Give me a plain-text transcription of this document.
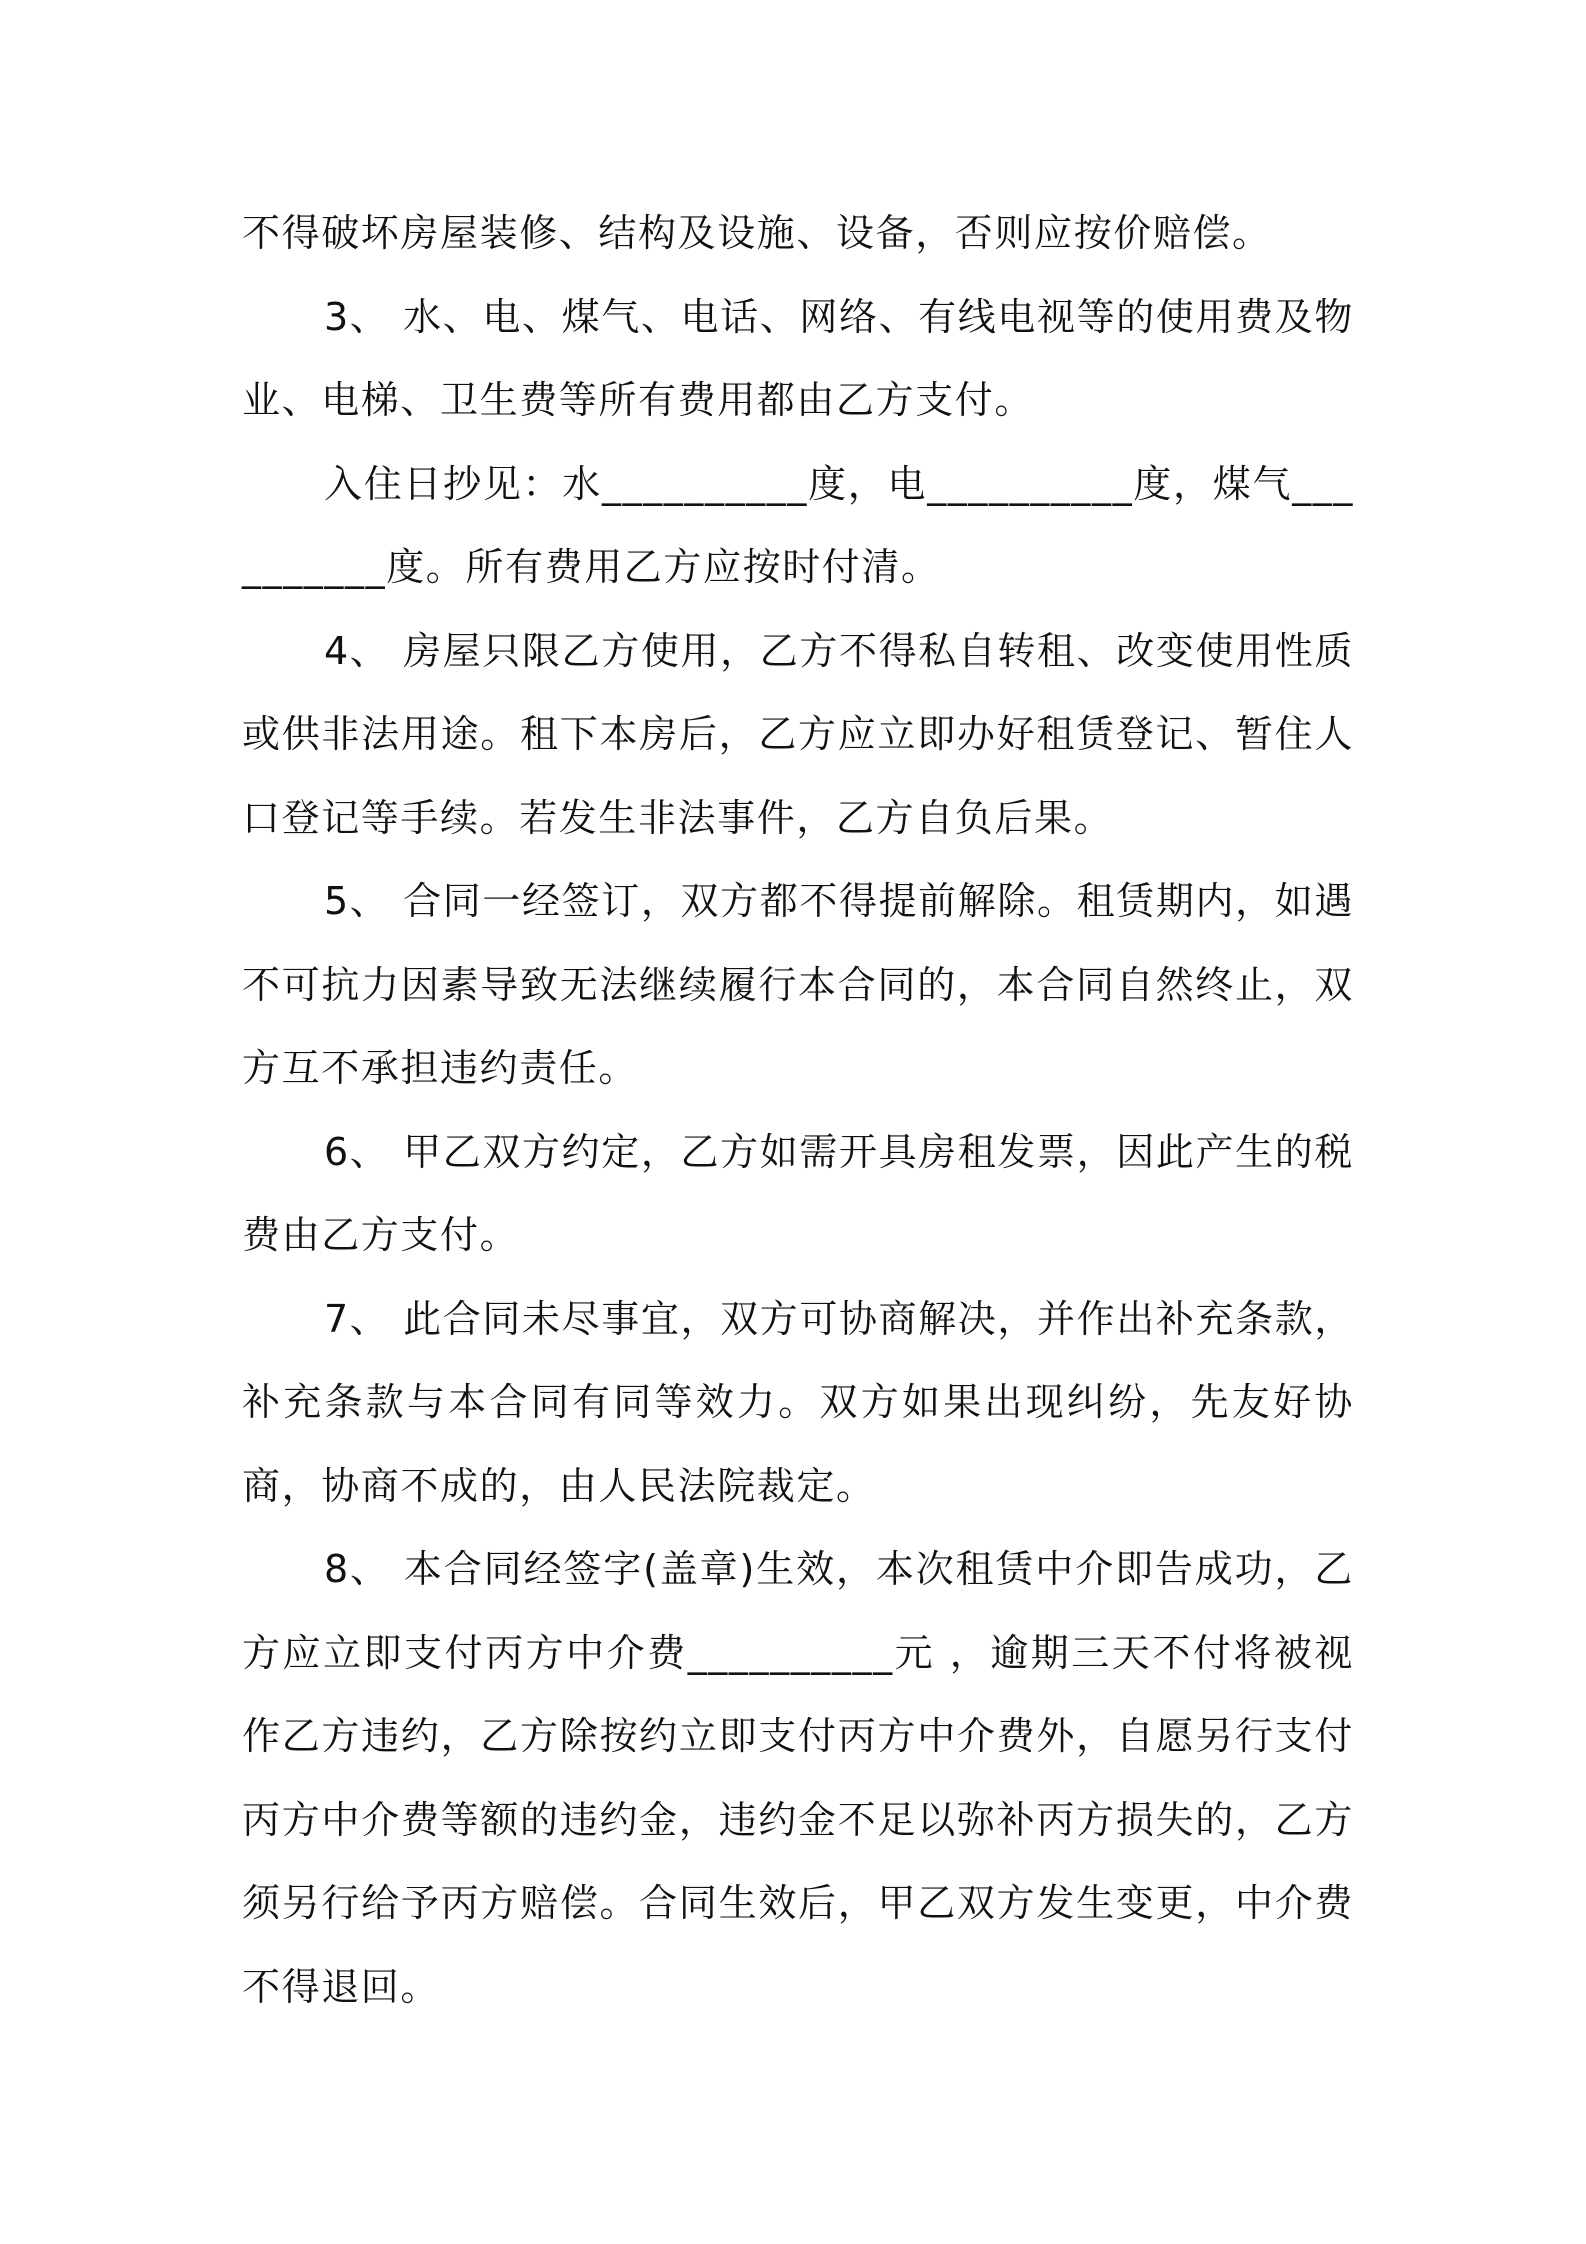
不得破坏房屋装修、结构及设施、设备，否则应按价赔偿。

3、 水、电、煤气、电话、网络、有线电视等的使用费及物业、电梯、卫生费等所有费用都由乙方支付。

入住日抄见：水__________度，电__________度，煤气__________度。所有费用乙方应按时付清。

4、 房屋只限乙方使用，乙方不得私自转租、改变使用性质或供非法用途。租下本房后，乙方应立即办好租赁登记、暂住人口登记等手续。若发生非法事件，乙方自负后果。

5、 合同一经签订，双方都不得提前解除。租赁期内，如遇不可抗力因素导致无法继续履行本合同的，本合同自然终止，双方互不承担违约责任。

6、 甲乙双方约定，乙方如需开具房租发票，因此产生的税费由乙方支付。

7、 此合同未尽事宜，双方可协商解决，并作出补充条款，补充条款与本合同有同等效力。双方如果出现纠纷，先友好协商，协商不成的，由人民法院裁定。

8、 本合同经签字(盖章)生效，本次租赁中介即告成功，乙方应立即支付丙方中介费__________元 ，逾期三天不付将被视作乙方违约，乙方除按约立即支付丙方中介费外，自愿另行支付丙方中介费等额的违约金，违约金不足以弥补丙方损失的，乙方须另行给予丙方赔偿。合同生效后，甲乙双方发生变更，中介费不得退回。
